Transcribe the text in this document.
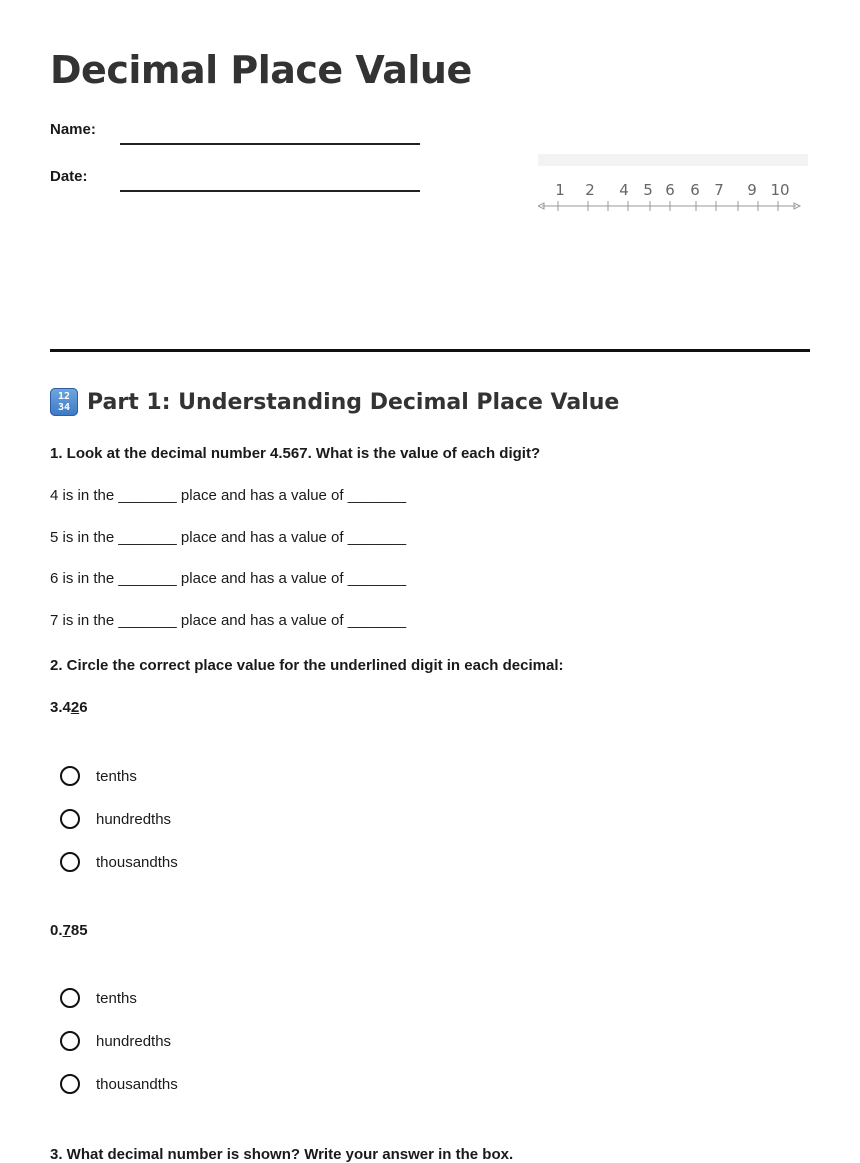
Decimal Place Value
Name:
Date:
1 2 4 5 6 6 7 9 10
12
34 Part 1: Understanding Decimal Place Value
1. Look at the decimal number 4.567. What is the value of each digit?
4 is in the _______ place and has a value of _______
5 is in the _______ place and has a value of _______
6 is in the _______ place and has a value of _______
7 is in the _______ place and has a value of _______
2. Circle the correct place value for the underlined digit in each decimal:
3.426
tenths
hundredths
thousandths
0.785
tenths
hundredths
thousandths
3. What decimal number is shown? Write your answer in the box.
